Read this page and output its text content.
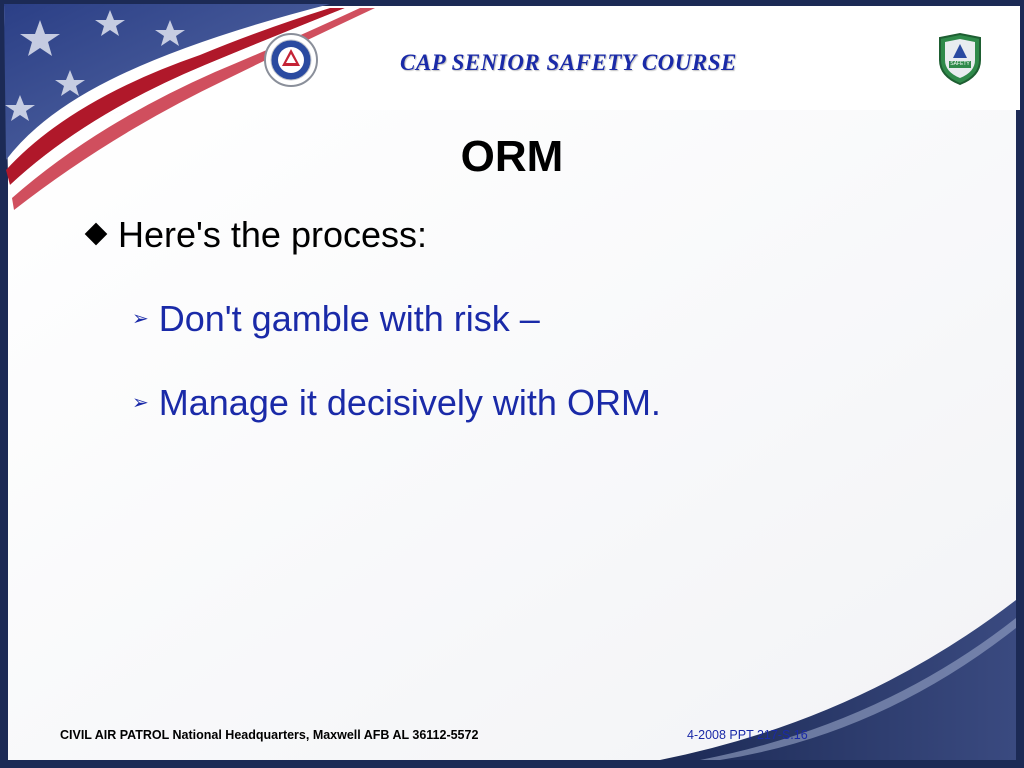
CAP SENIOR SAFETY COURSE	SAFETY
ORM
Here's the process:
➢ Don't gamble with risk –
➢ Manage it decisively with ORM.
CIVIL AIR PATROL National Headquarters, Maxwell AFB AL 36112-5572	4-2008 PPT 217-S.16
